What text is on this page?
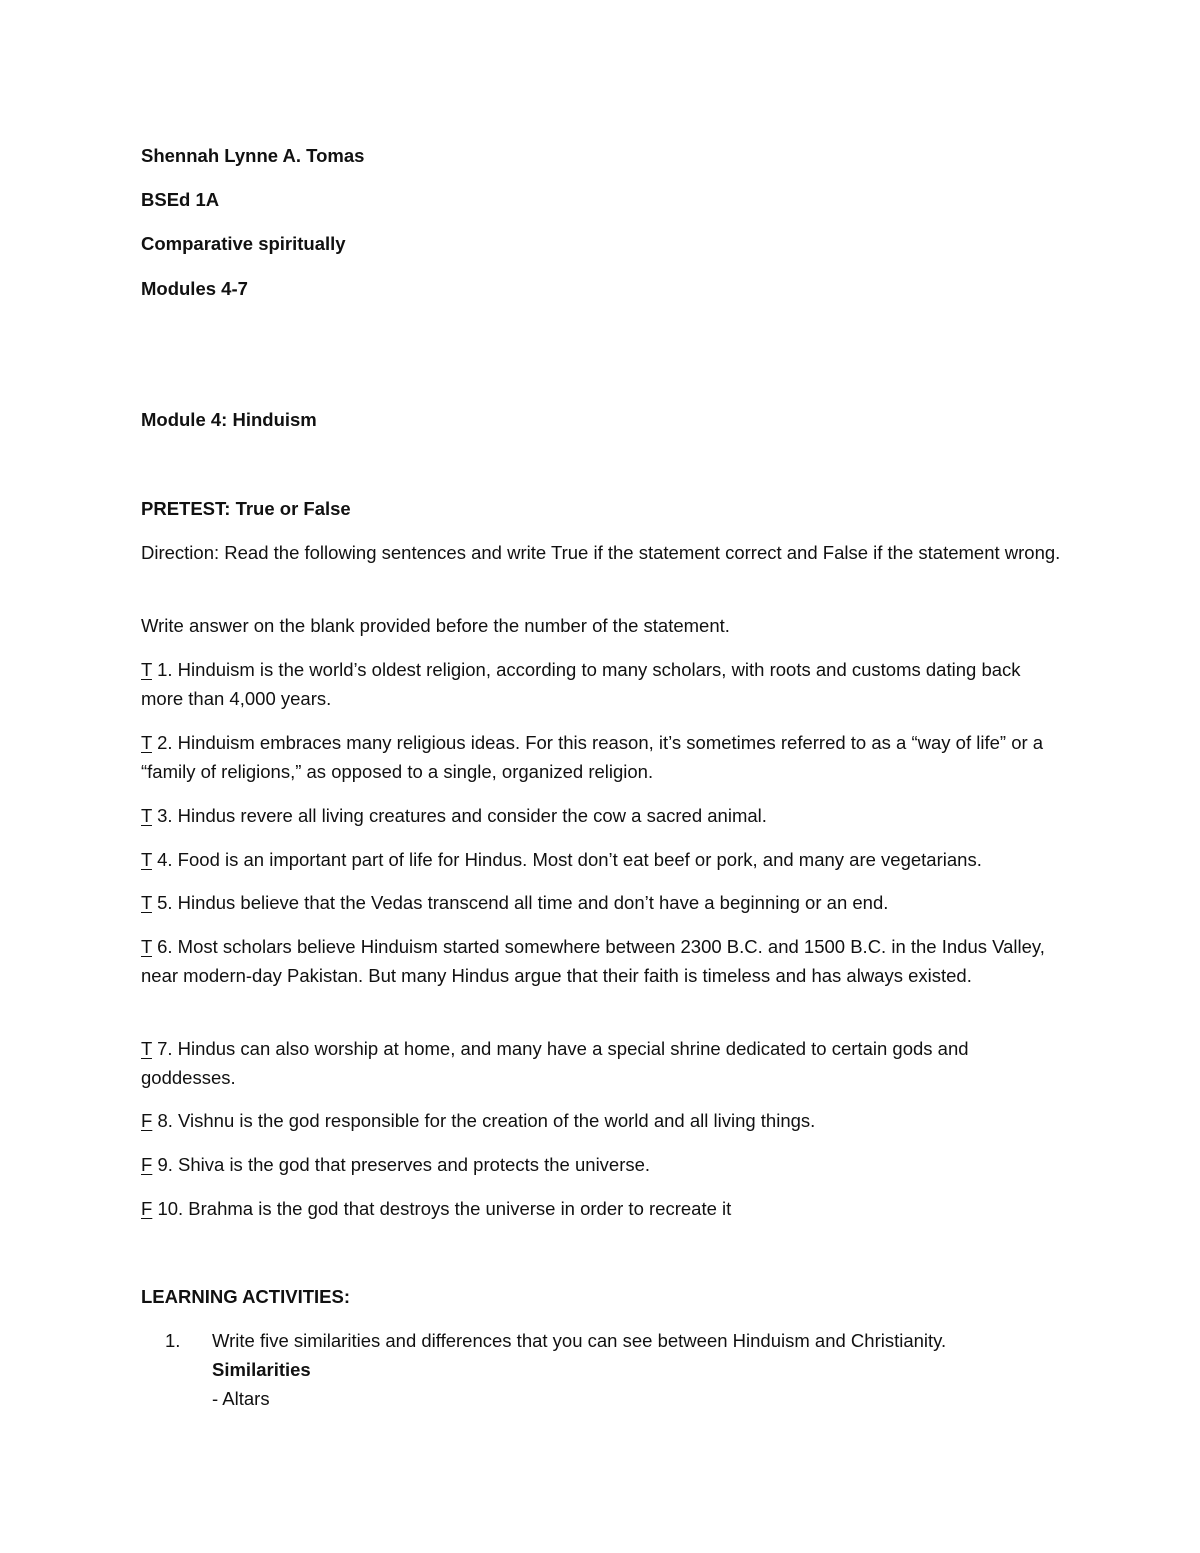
Shennah Lynne A. Tomas

BSEd 1A

Comparative spiritually

Modules 4-7

Module 4: Hinduism

PRETEST: True or False

Direction: Read the following sentences and write True if the statement correct and False if the statement wrong.

Write answer on the blank provided before the number of the statement.

T 1. Hinduism is the world’s oldest religion, according to many scholars, with roots and customs dating back more than 4,000 years.

T 2. Hinduism embraces many religious ideas. For this reason, it’s sometimes referred to as a “way of life” or a “family of religions,” as opposed to a single, organized religion.

T 3. Hindus revere all living creatures and consider the cow a sacred animal.

T 4. Food is an important part of life for Hindus. Most don’t eat beef or pork, and many are vegetarians.

T 5. Hindus believe that the Vedas transcend all time and don’t have a beginning or an end.

T 6. Most scholars believe Hinduism started somewhere between 2300 B.C. and 1500 B.C. in the Indus Valley, near modern-day Pakistan. But many Hindus argue that their faith is timeless and has always existed.

T 7. Hindus can also worship at home, and many have a special shrine dedicated to certain gods and goddesses.

F 8. Vishnu is the god responsible for the creation of the world and all living things.

F 9. Shiva is the god that preserves and protects the universe.

F 10. Brahma is the god that destroys the universe in order to recreate it

LEARNING ACTIVITIES:

1. Write five similarities and differences that you can see between Hinduism and Christianity.

Similarities

- Altars
